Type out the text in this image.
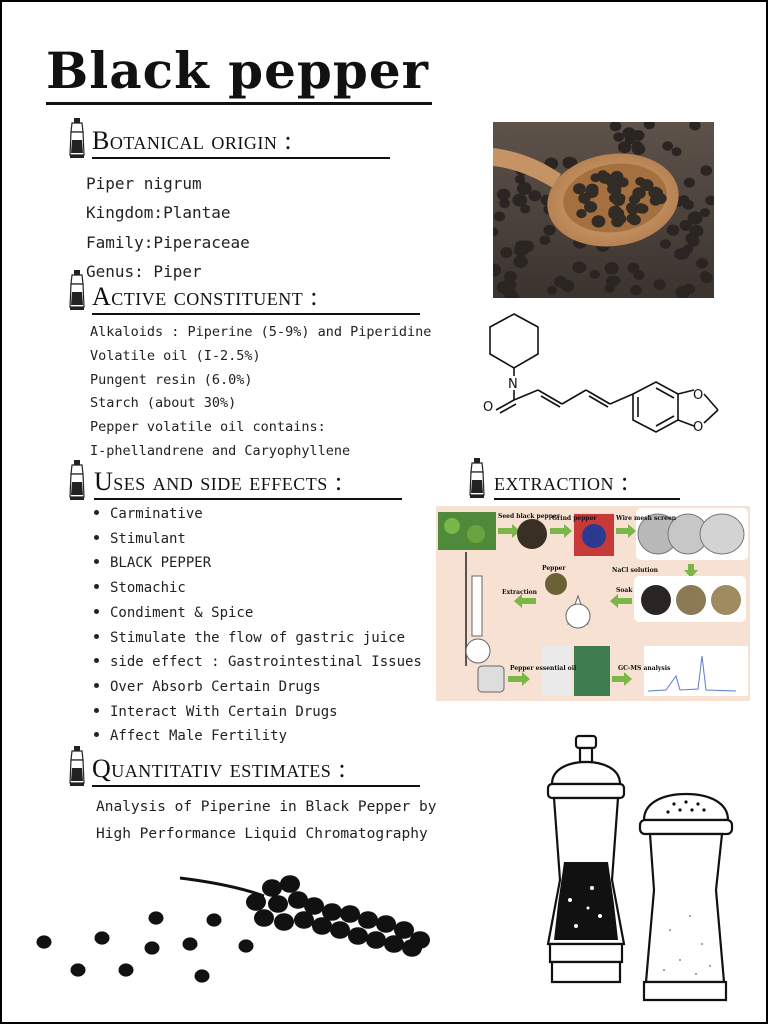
Black pepper
Botanical origin :
Piper nigrum
Kingdom:Plantae
Family:Piperaceae
Genus: Piper
Active constituent :
Alkaloids : Piperine (5-9%) and Piperidine
Volatile oil (I-2.5%)
Pungent resin (6.0%)
Starch (about 30%)
Pepper volatile oil contains:
I-phellandrene and Caryophyllene
N
O
O
O
Uses and side effects :
Carminative
Stimulant
BLACK PEPPER
Stomachic
Condiment & Spice
Stimulate the flow of gastric juice
side effect : Gastrointestinal Issues
Over Absorb Certain Drugs
Interact With Certain Drugs
Affect Male Fertility
extraction :
Seed black pepper
Grind pepper	Wire mesh screen
Extraction
Pepper	NaCl solution
Soak
Pepper essential oil	GC-MS analysis
Quantitativ estimates :
Analysis of Piperine in Black Pepper by
High Performance Liquid Chromatography
